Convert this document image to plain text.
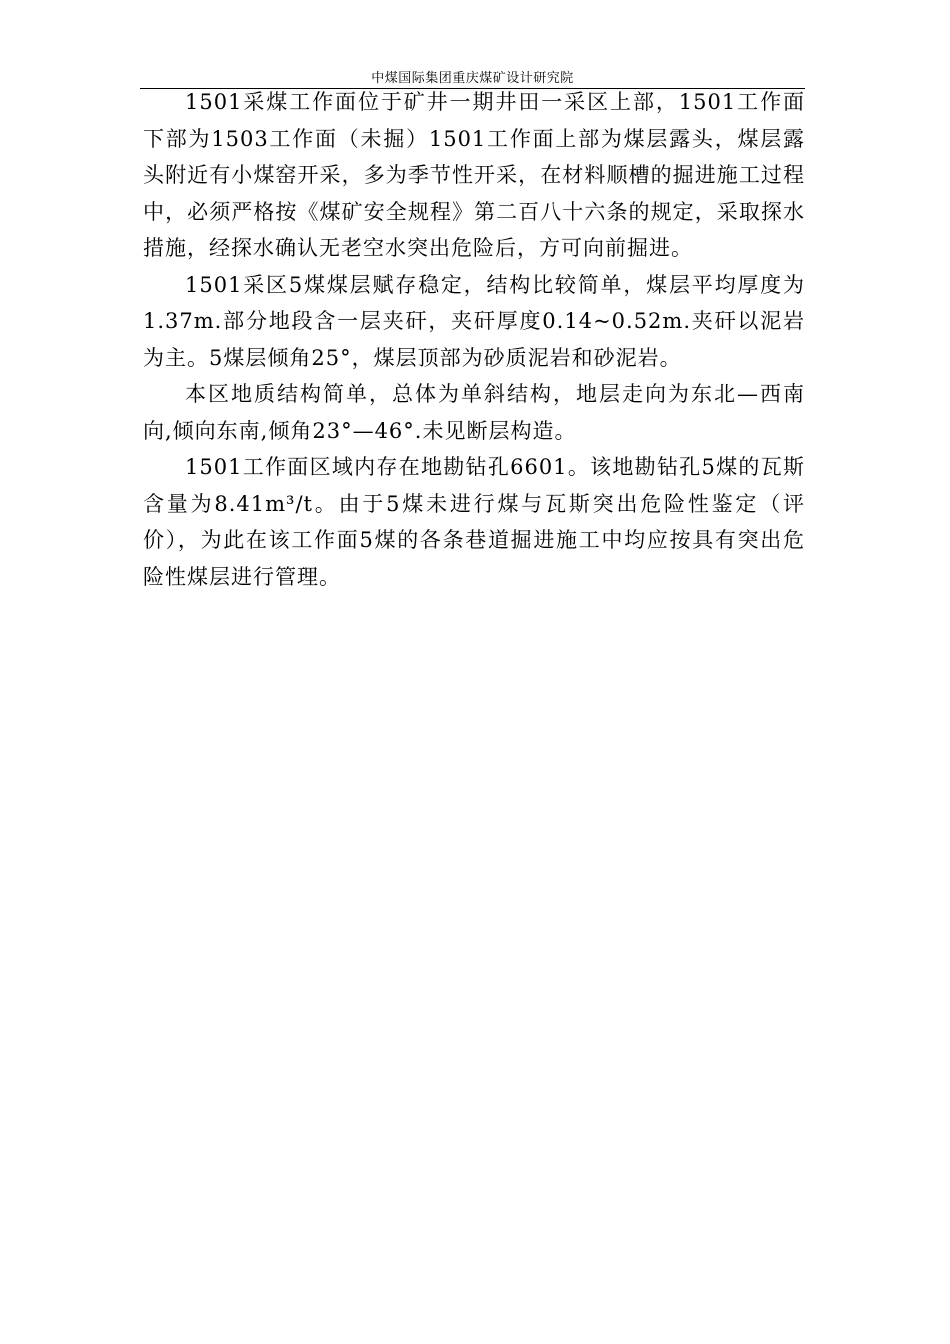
中煤国际集团重庆煤矿设计研究院

1501采煤工作面位于矿井一期井田一采区上部，1501工作面下部为1503工作面（未掘）1501工作面上部为煤层露头，煤层露头附近有小煤窑开采，多为季节性开采，在材料顺槽的掘进施工过程中，必须严格按《煤矿安全规程》第二百八十六条的规定，采取探水措施，经探水确认无老空水突出危险后，方可向前掘进。

1501采区5煤煤层赋存稳定，结构比较简单，煤层平均厚度为1.37m.部分地段含一层夹矸，夹矸厚度0.14~0.52m.夹矸以泥岩为主。5煤层倾角25°，煤层顶部为砂质泥岩和砂泥岩。

本区地质结构简单，总体为单斜结构，地层走向为东北—西南向,倾向东南,倾角23°—46°.未见断层构造。

1501工作面区域内存在地勘钻孔6601。该地勘钻孔5煤的瓦斯含量为8.41m³/t。由于5煤未进行煤与瓦斯突出危险性鉴定（评价），为此在该工作面5煤的各条巷道掘进施工中均应按具有突出危险性煤层进行管理。
